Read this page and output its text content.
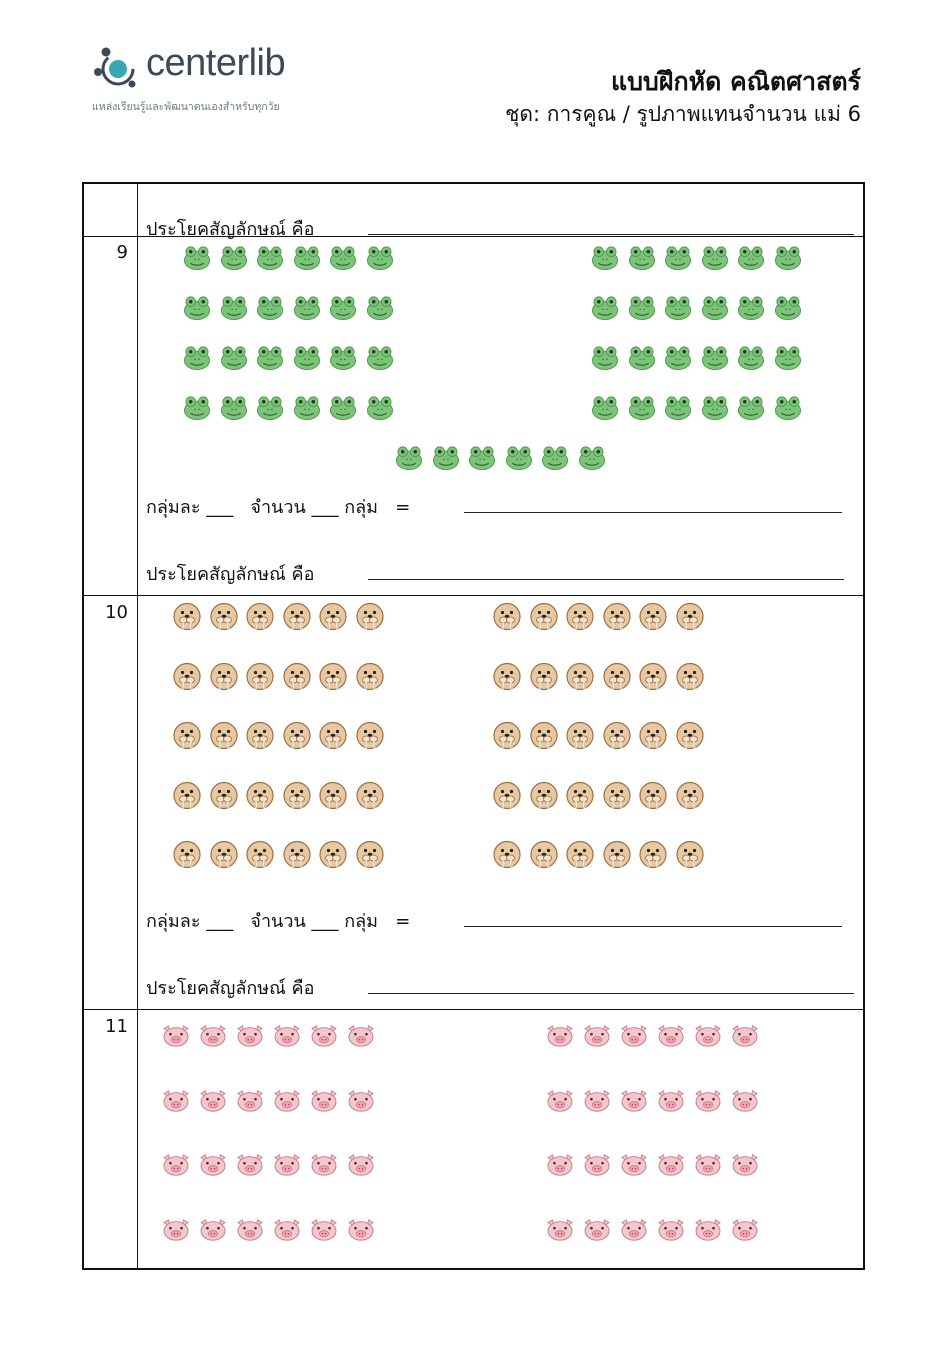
centerlib
แหล่งเรียนรู้และพัฒนาตนเองสำหรับทุกวัย
แบบฝึกหัด คณิตศาสตร์
ชุด: การคูณ / รูปภาพแทนจำนวน แม่ 6
ประโยคสัญลักษณ์ คือ
9
กลุ่มละ ___   จำนวน ___ กลุ่ม =
ประโยคสัญลักษณ์ คือ
10
กลุ่มละ ___   จำนวน ___ กลุ่ม =
ประโยคสัญลักษณ์ คือ
11
